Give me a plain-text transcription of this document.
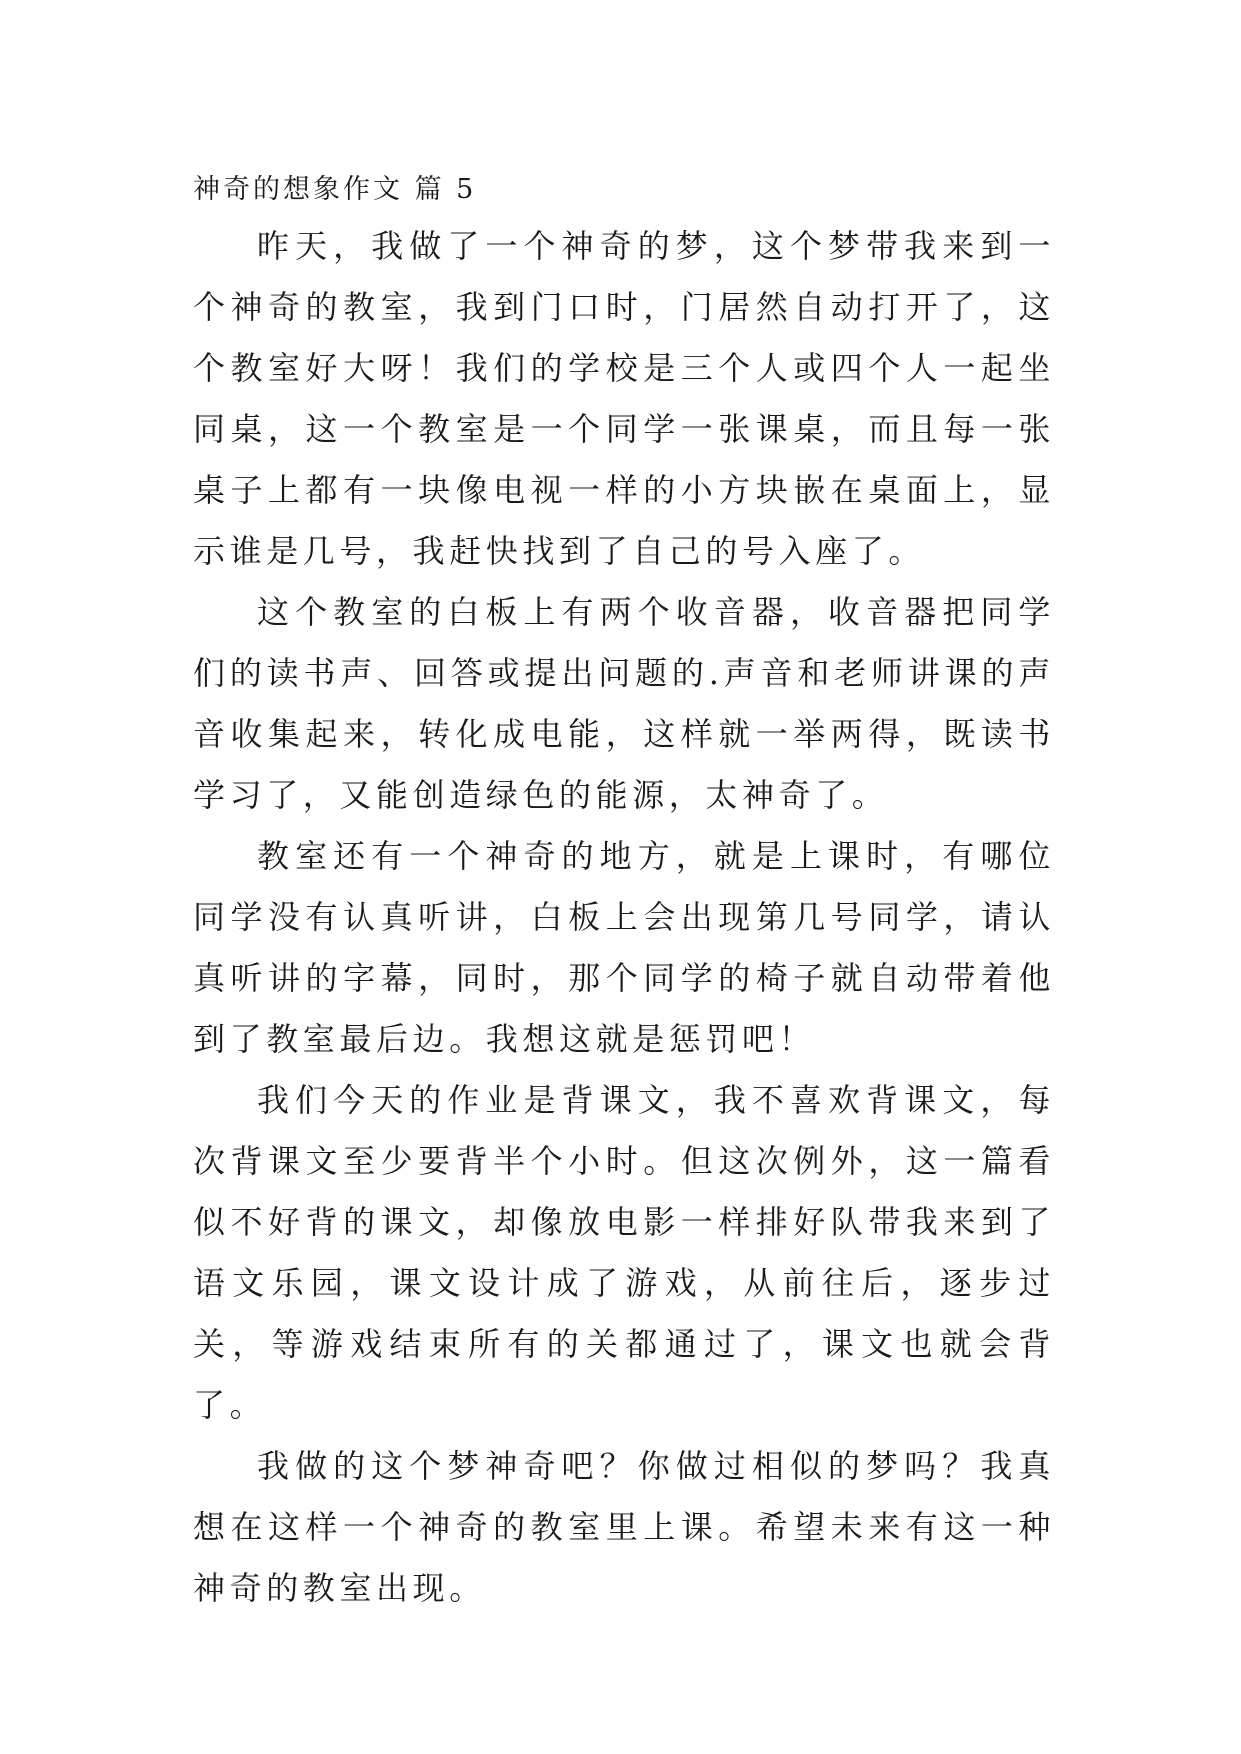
神奇的想象作文 篇 5

昨天，我做了一个神奇的梦，这个梦带我来到一个神奇的教室，我到门口时，门居然自动打开了，这个教室好大呀！我们的学校是三个人或四个人一起坐同桌，这一个教室是一个同学一张课桌，而且每一张桌子上都有一块像电视一样的小方块嵌在桌面上，显示谁是几号，我赶快找到了自己的号入座了。

这个教室的白板上有两个收音器，收音器把同学们的读书声、回答或提出问题的.声音和老师讲课的声音收集起来，转化成电能，这样就一举两得，既读书学习了，又能创造绿色的能源，太神奇了。

教室还有一个神奇的地方，就是上课时，有哪位同学没有认真听讲，白板上会出现第几号同学，请认真听讲的字幕，同时，那个同学的椅子就自动带着他到了教室最后边。我想这就是惩罚吧！

我们今天的作业是背课文，我不喜欢背课文，每次背课文至少要背半个小时。但这次例外，这一篇看似不好背的课文，却像放电影一样排好队带我来到了语文乐园，课文设计成了游戏，从前往后，逐步过关，等游戏结束所有的关都通过了，课文也就会背了。

我做的这个梦神奇吧？你做过相似的梦吗？我真想在这样一个神奇的教室里上课。希望未来有这一种神奇的教室出现。
